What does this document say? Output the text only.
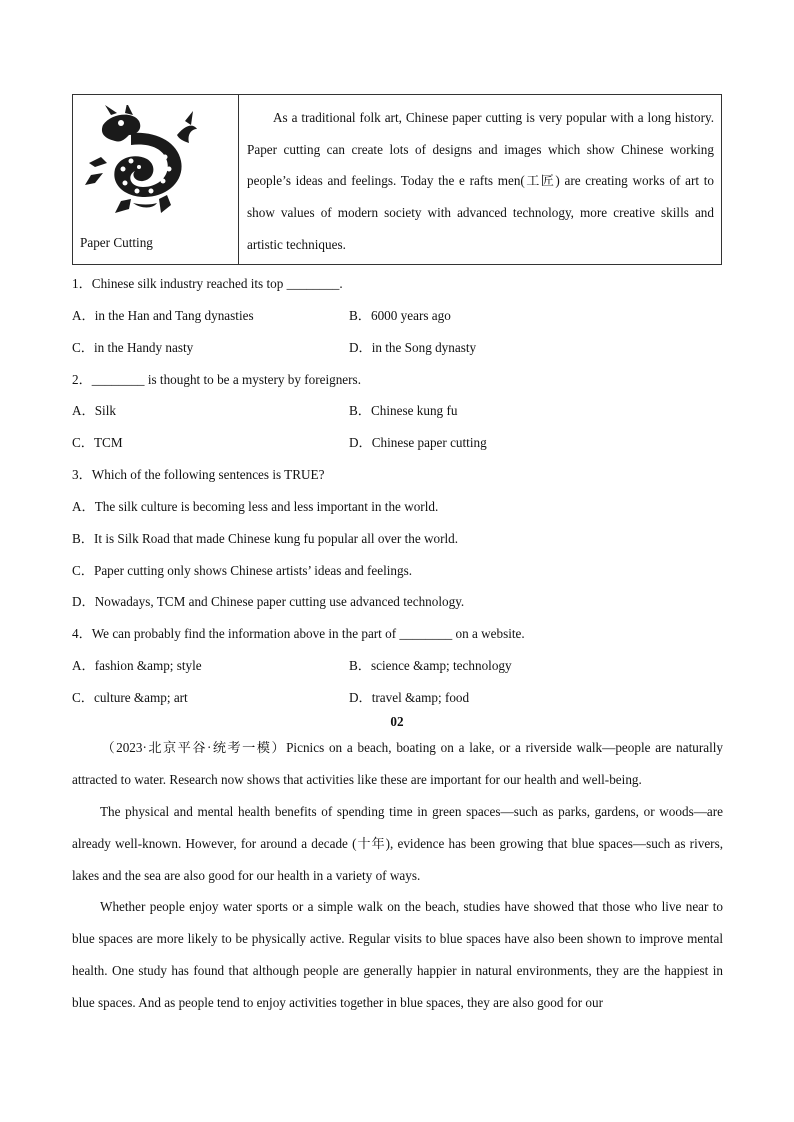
Paper Cutting
As a traditional folk art, Chinese paper cutting is very popular with a long history. Paper cutting can create lots of designs and images which show Chinese working people’s ideas and feelings. Today the e rafts men(工匠) are creating works of art to show values of modern society with advanced technology, more creative skills and artistic techniques.
1．Chinese silk industry reached its top ________.
A．in the Han and Tang dynasties	B．6000 years ago
C．in the Handy nasty	D．in the Song dynasty
2．________ is thought to be a mystery by foreigners.
A．Silk	B．Chinese kung fu
C．TCM	D．Chinese paper cutting
3．Which of the following sentences is TRUE?
A．The silk culture is becoming less and less important in the world.
B．It is Silk Road that made Chinese kung fu popular all over the world.
C．Paper cutting only shows Chinese artists’ ideas and feelings.
D．Nowadays, TCM and Chinese paper cutting use advanced technology.
4．We can probably find the information above in the part of ________ on a website.
A．fashion &amp; style	B．science &amp; technology
C．culture &amp; art	D．travel &amp; food
02
（2023·北京平谷·统考一模）Picnics on a beach, boating on a lake, or a riverside walk—people are naturally attracted to water. Research now shows that activities like these are important for our health and well-being.
The physical and mental health benefits of spending time in green spaces—such as parks, gardens, or woods—are already well-known. However, for around a decade (十年), evidence has been growing that blue spaces—such as rivers, lakes and the sea are also good for our health in a variety of ways.
Whether people enjoy water sports or a simple walk on the beach, studies have showed that those who live near to blue spaces are more likely to be physically active. Regular visits to blue spaces have also been shown to improve mental health. One study has found that although people are generally happier in natural environments, they are the happiest in blue spaces. And as people tend to enjoy activities together in blue spaces, they are also good for our
